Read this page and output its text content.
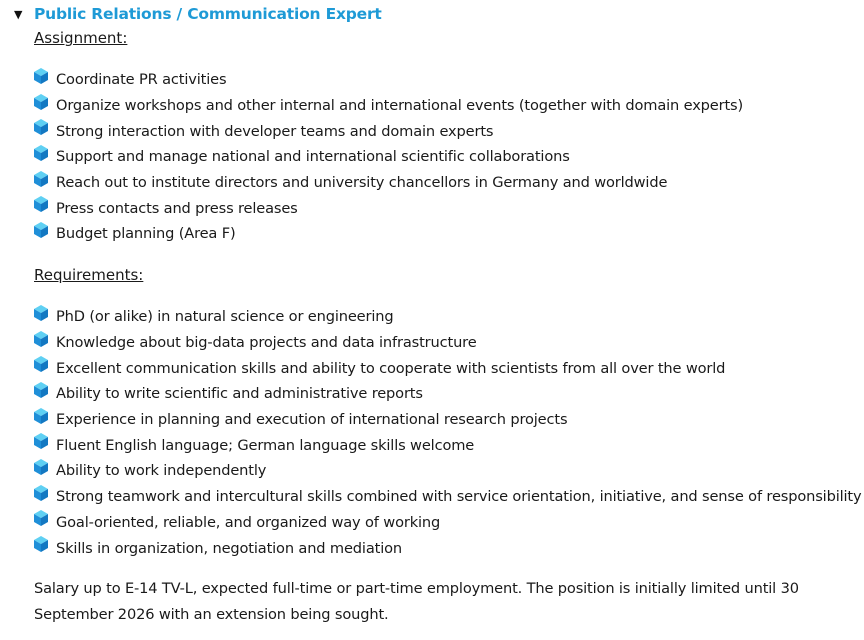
▼ Public Relations / Communication Expert
Assignment:
Coordinate PR activities
Organize workshops and other internal and international events (together with domain experts)
Strong interaction with developer teams and domain experts
Support and manage national and international scientific collaborations
Reach out to institute directors and university chancellors in Germany and worldwide
Press contacts and press releases
Budget planning (Area F)
Requirements:
PhD (or alike) in natural science or engineering
Knowledge about big-data projects and data infrastructure
Excellent communication skills and ability to cooperate with scientists from all over the world
Ability to write scientific and administrative reports
Experience in planning and execution of international research projects
Fluent English language; German language skills welcome
Ability to work independently
Strong teamwork and intercultural skills combined with service orientation, initiative, and sense of responsibility
Goal-oriented, reliable, and organized way of working
Skills in organization, negotiation and mediation
Salary up to E-14 TV-L, expected full-time or part-time employment. The position is initially limited until 30 September 2026 with an extension being sought.
